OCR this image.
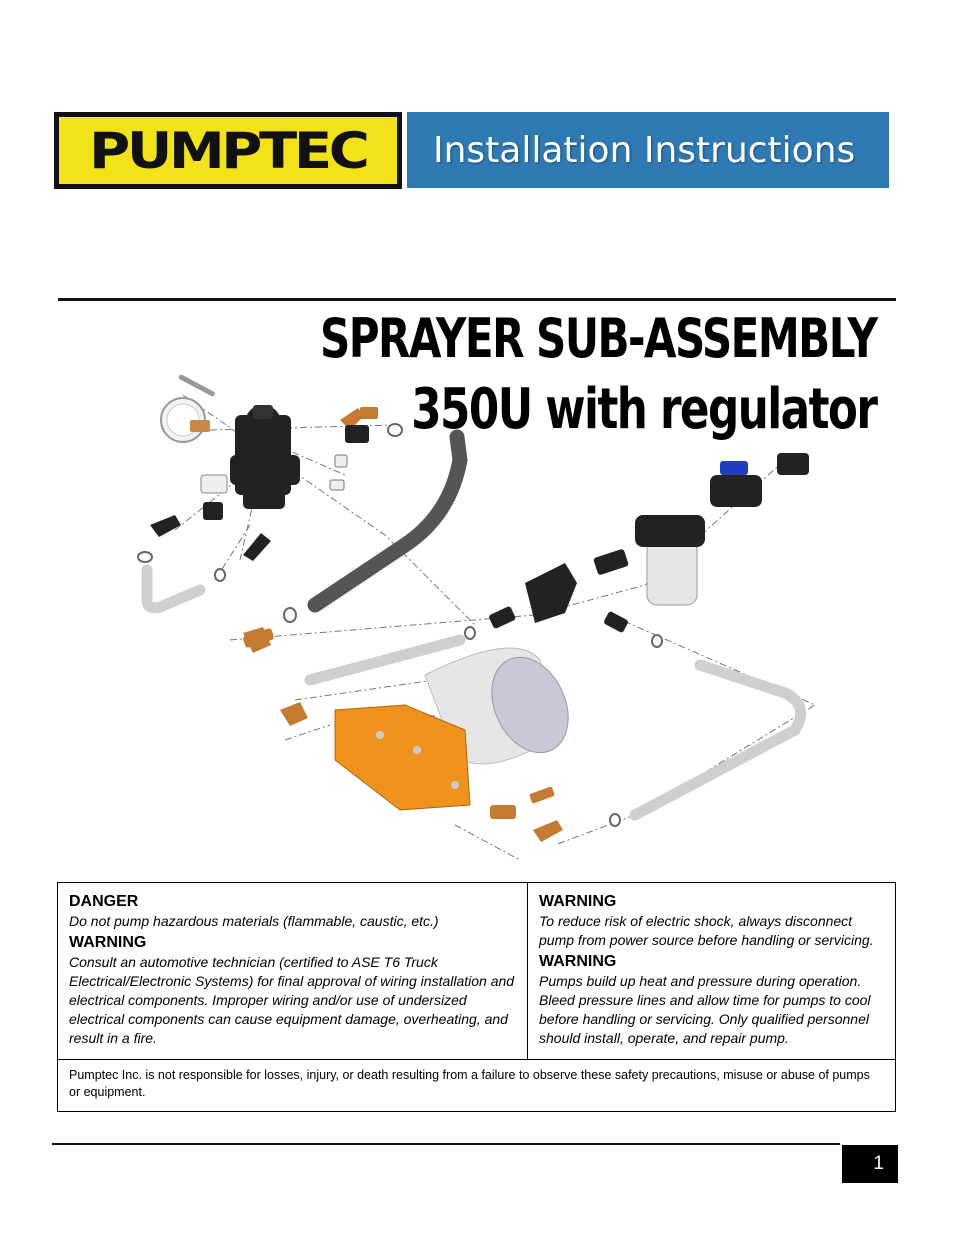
PUMPTEC Installation Instructions
SPRAYER SUB-ASSEMBLY
350U with regulator

DANGER

Do not pump hazardous materials (flammable, caustic, etc.)

WARNING

Consult an automotive technician (certified to ASE T6 Truck Electrical/Electronic Systems) for final approval of wiring installation and electrical components. Improper wiring and/or use of undersized electrical components can cause equipment damage, overheating, and result in a fire.

WARNING

To reduce risk of electric shock, always disconnect pump from power source before handling or servicing.

WARNING

Pumps build up heat and pressure during operation. Bleed pressure lines and allow time for pumps to cool before handling or servicing. Only qualified personnel should install, operate, and repair pump.

Pumptec Inc. is not responsible for losses, injury, or death resulting from a failure to observe these safety precautions, misuse or abuse of pumps or equipment.
1
